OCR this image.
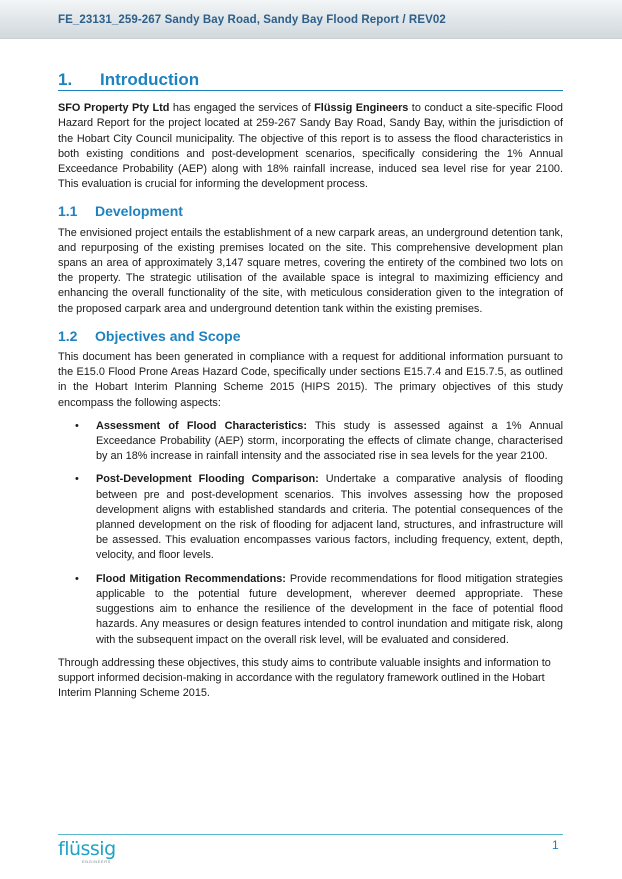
FE_23131_259-267 Sandy Bay Road, Sandy Bay Flood Report / REV02
1.	Introduction

SFO Property Pty Ltd has engaged the services of Flüssig Engineers to conduct a site-specific Flood Hazard Report for the project located at 259-267 Sandy Bay Road, Sandy Bay, within the jurisdiction of the Hobart City Council municipality. The objective of this report is to assess the flood characteristics in both existing conditions and post-development scenarios, specifically considering the 1% Annual Exceedance Probability (AEP) along with 18% rainfall increase, induced sea level rise for year 2100. This evaluation is crucial for informing the development process.

1.1	Development

The envisioned project entails the establishment of a new carpark areas, an underground detention tank, and repurposing of the existing premises located on the site. This comprehensive development plan spans an area of approximately 3,147 square metres, covering the entirety of the combined two lots on the property. The strategic utilisation of the available space is integral to maximizing efficiency and enhancing the overall functionality of the site, with meticulous consideration given to the integration of the proposed carpark area and underground detention tank within the existing premises.

1.2	Objectives and Scope

This document has been generated in compliance with a request for additional information pursuant to the E15.0 Flood Prone Areas Hazard Code, specifically under sections E15.7.4 and E15.7.5, as outlined in the Hobart Interim Planning Scheme 2015 (HIPS 2015). The primary objectives of this study encompass the following aspects:

• Assessment of Flood Characteristics: This study is assessed against a 1% Annual Exceedance Probability (AEP) storm, incorporating the effects of climate change, characterised by an 18% increase in rainfall intensity and the associated rise in sea levels for the year 2100.
• Post-Development Flooding Comparison: Undertake a comparative analysis of flooding between pre and post-development scenarios. This involves assessing how the proposed development aligns with established standards and criteria. The potential consequences of the planned development on the risk of flooding for adjacent land, structures, and infrastructure will be assessed. This evaluation encompasses various factors, including frequency, extent, depth, velocity, and floor levels.
• Flood Mitigation Recommendations: Provide recommendations for flood mitigation strategies applicable to the potential future development, wherever deemed appropriate. These suggestions aim to enhance the resilience of the development in the face of potential flood hazards. Any measures or design features intended to control inundation and mitigate risk, along with the subsequent impact on the overall risk level, will be evaluated and considered.

Through addressing these objectives, this study aims to contribute valuable insights and information to support informed decision-making in accordance with the regulatory framework outlined in the Hobart Interim Planning Scheme 2015.

flüssig
ENGINEERS
1
